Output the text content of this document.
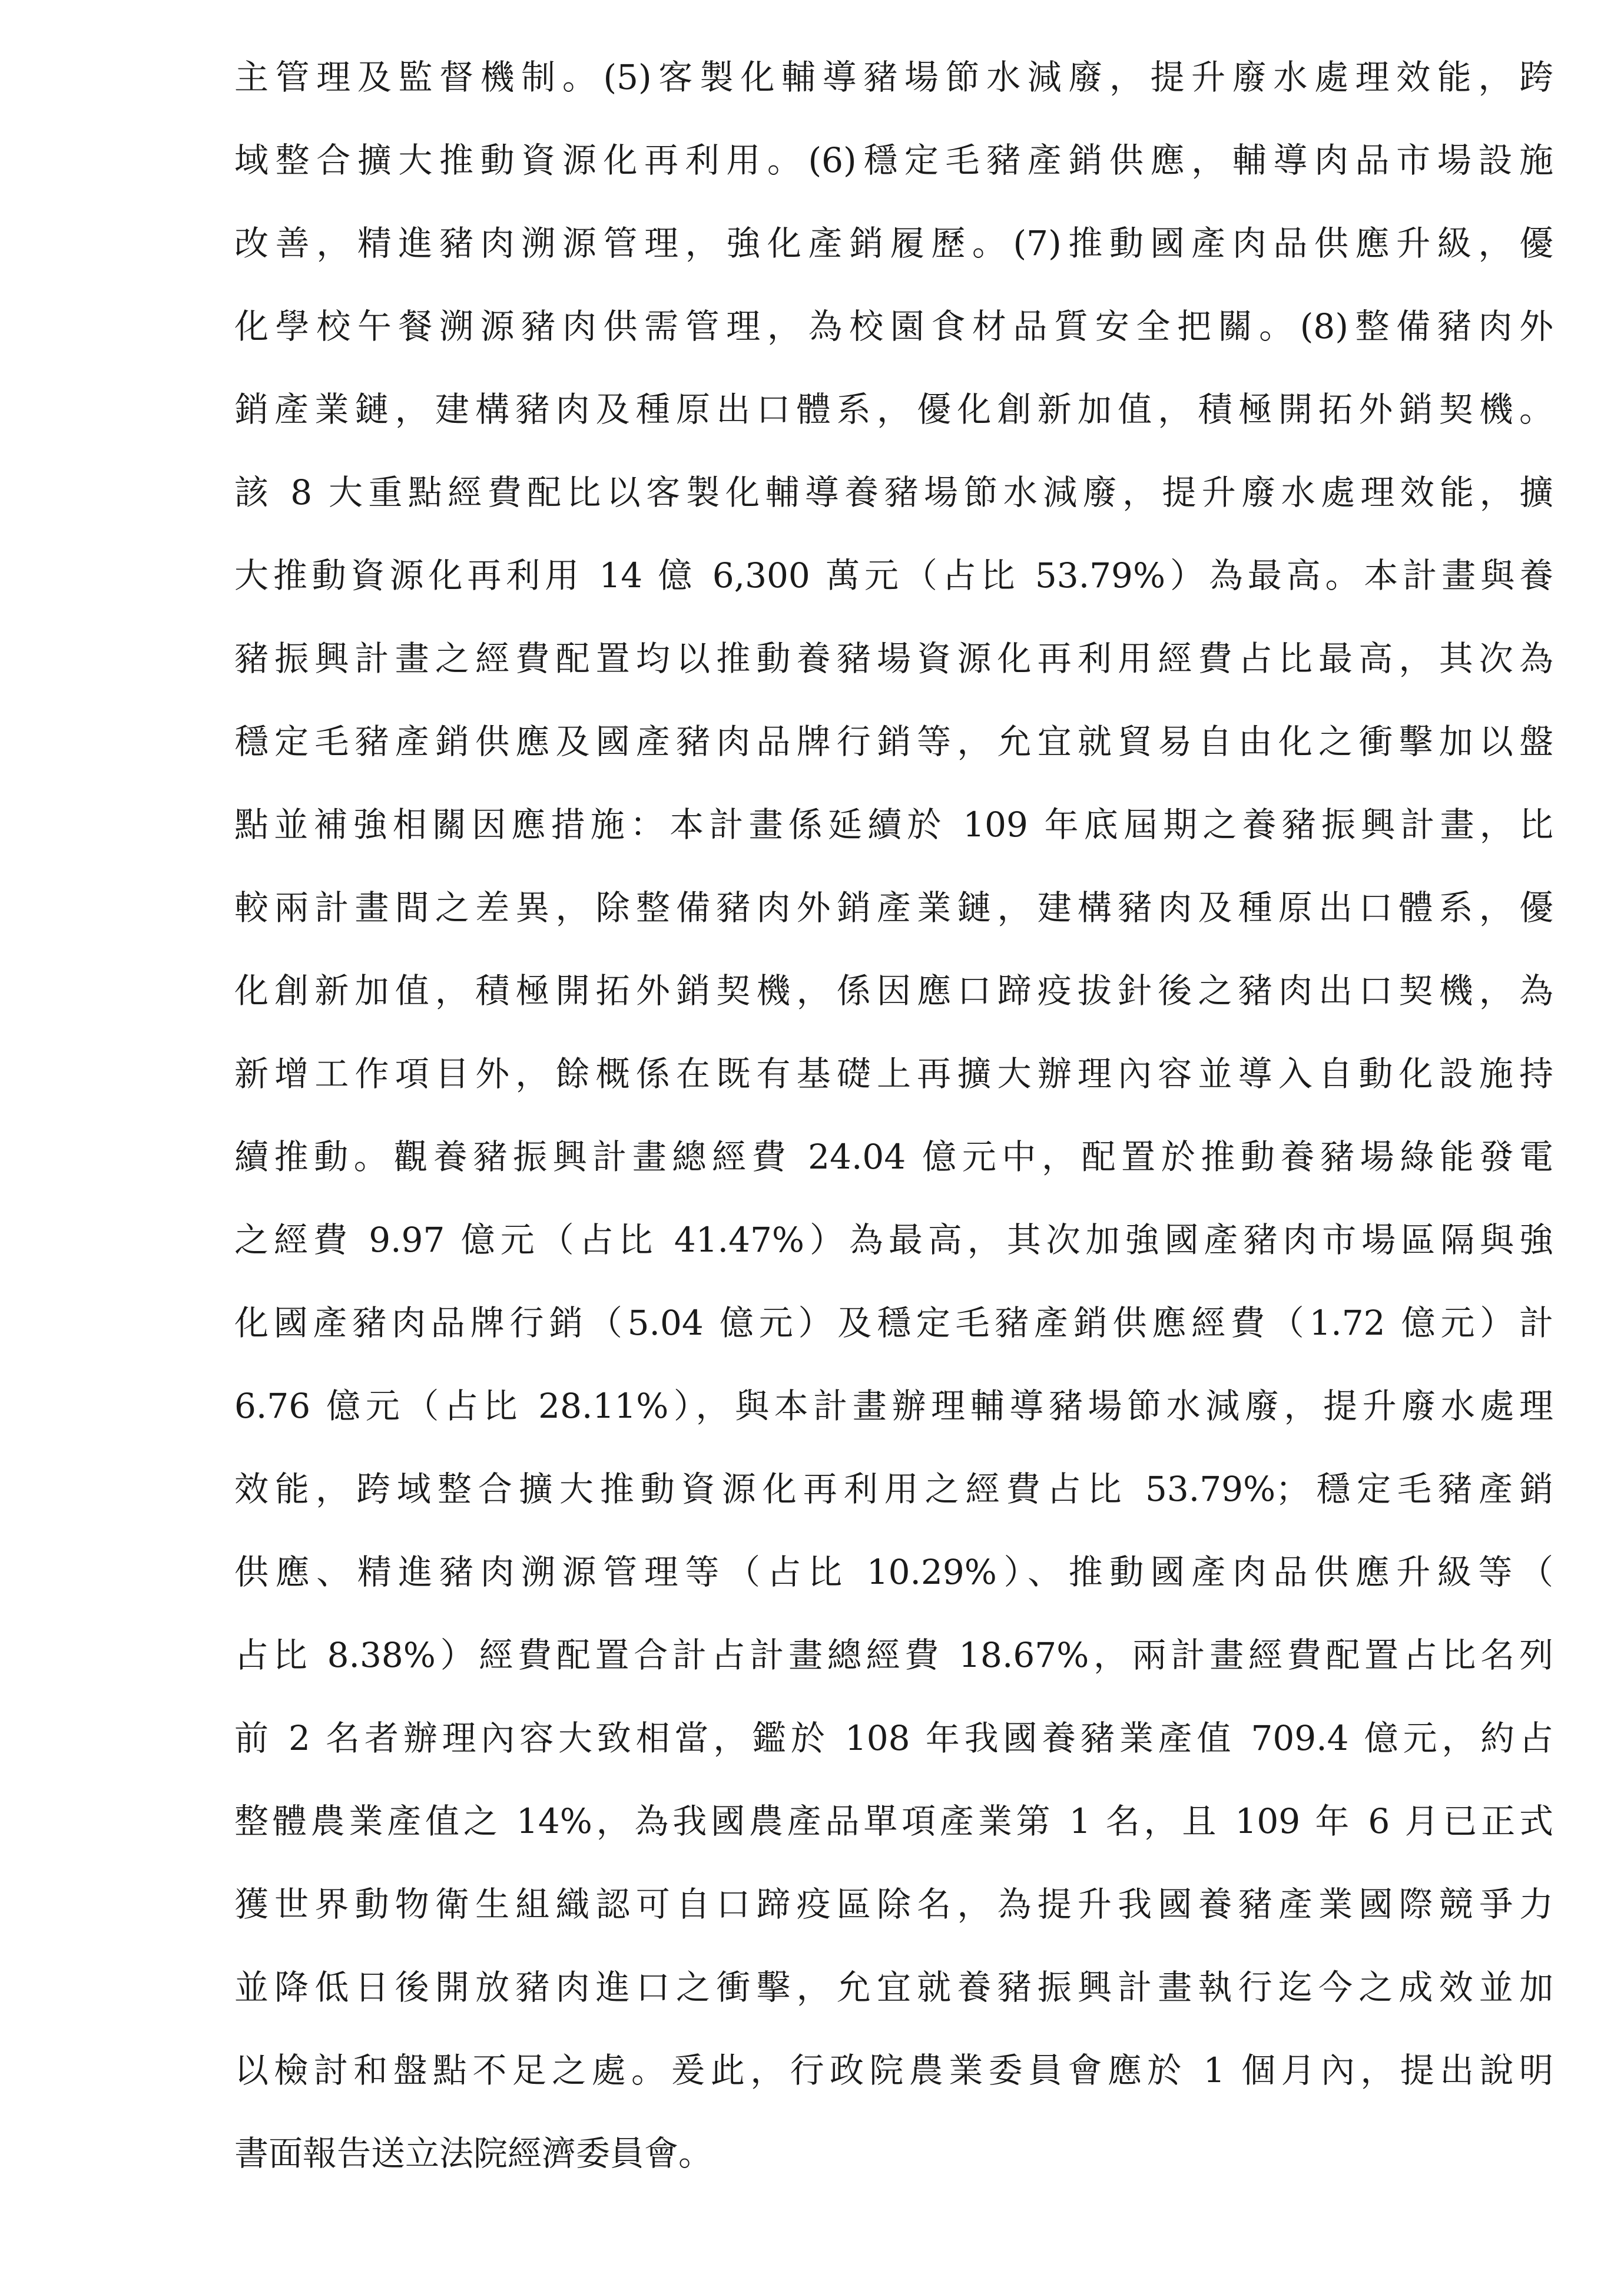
主管理及監督機制。(5)客製化輔導豬場節水減廢，提升廢水處理效能，跨
域整合擴大推動資源化再利用。(6)穩定毛豬產銷供應，輔導肉品市場設施
改善，精進豬肉溯源管理，強化產銷履歷。(7)推動國產肉品供應升級，優
化學校午餐溯源豬肉供需管理，為校園食材品質安全把關。(8)整備豬肉外
銷產業鏈，建構豬肉及種原出口體系，優化創新加值，積極開拓外銷契機。
該 8 大重點經費配比以客製化輔導養豬場節水減廢，提升廢水處理效能，擴
大推動資源化再利用 14 億 6,300 萬元（占比 53.79%）為最高。本計畫與養
豬振興計畫之經費配置均以推動養豬場資源化再利用經費占比最高，其次為
穩定毛豬產銷供應及國產豬肉品牌行銷等，允宜就貿易自由化之衝擊加以盤
點並補強相關因應措施：本計畫係延續於 109 年底屆期之養豬振興計畫，比
較兩計畫間之差異，除整備豬肉外銷產業鏈，建構豬肉及種原出口體系，優
化創新加值，積極開拓外銷契機，係因應口蹄疫拔針後之豬肉出口契機，為
新增工作項目外，餘概係在既有基礎上再擴大辦理內容並導入自動化設施持
續推動。觀養豬振興計畫總經費 24.04 億元中，配置於推動養豬場綠能發電
之經費 9.97 億元（占比 41.47%）為最高，其次加強國產豬肉市場區隔與強
化國產豬肉品牌行銷（5.04 億元）及穩定毛豬產銷供應經費（1.72 億元）計
6.76 億元（占比 28.11%），與本計畫辦理輔導豬場節水減廢，提升廢水處理
效能，跨域整合擴大推動資源化再利用之經費占比 53.79%；穩定毛豬產銷
供應、精進豬肉溯源管理等（占比 10.29%）、推動國產肉品供應升級等（
占比 8.38%）經費配置合計占計畫總經費 18.67%，兩計畫經費配置占比名列
前 2 名者辦理內容大致相當，鑑於 108 年我國養豬業產值 709.4 億元，約占
整體農業產值之 14%，為我國農產品單項產業第 1 名，且 109 年 6 月已正式
獲世界動物衛生組織認可自口蹄疫區除名，為提升我國養豬產業國際競爭力
並降低日後開放豬肉進口之衝擊，允宜就養豬振興計畫執行迄今之成效並加
以檢討和盤點不足之處。爰此，行政院農業委員會應於 1 個月內，提出說明
書面報告送立法院經濟委員會。
